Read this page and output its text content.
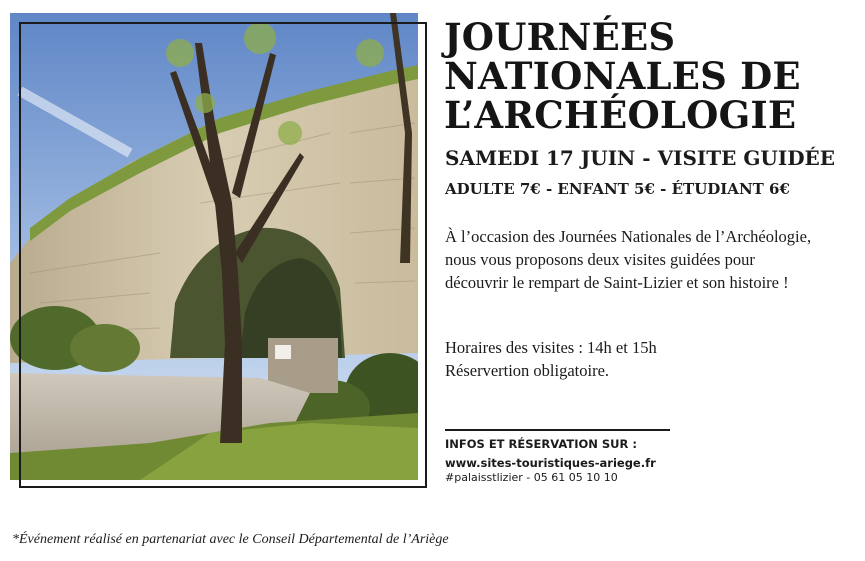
JOURNÉES
NATIONALES DE
L’ARCHÉOLOGIE

SAMEDI 17 JUIN - VISITE GUIDÉE

ADULTE 7€ - ENFANT 5€ - ÉTUDIANT 6€

À l’occasion des Journées Nationales de l’Archéologie, nous vous proposons deux visites guidées pour découvrir le rempart de Saint-Lizier et son histoire !

Horaires des visites : 14h et 15h
Réservertion obligatoire.

INFOS ET RÉSERVATION SUR :

www.sites-touristiques-ariege.fr

#palaisstlizier - 05 61 05 10 10

*Événement réalisé en partenariat avec le Conseil Départemental de l’Ariège
